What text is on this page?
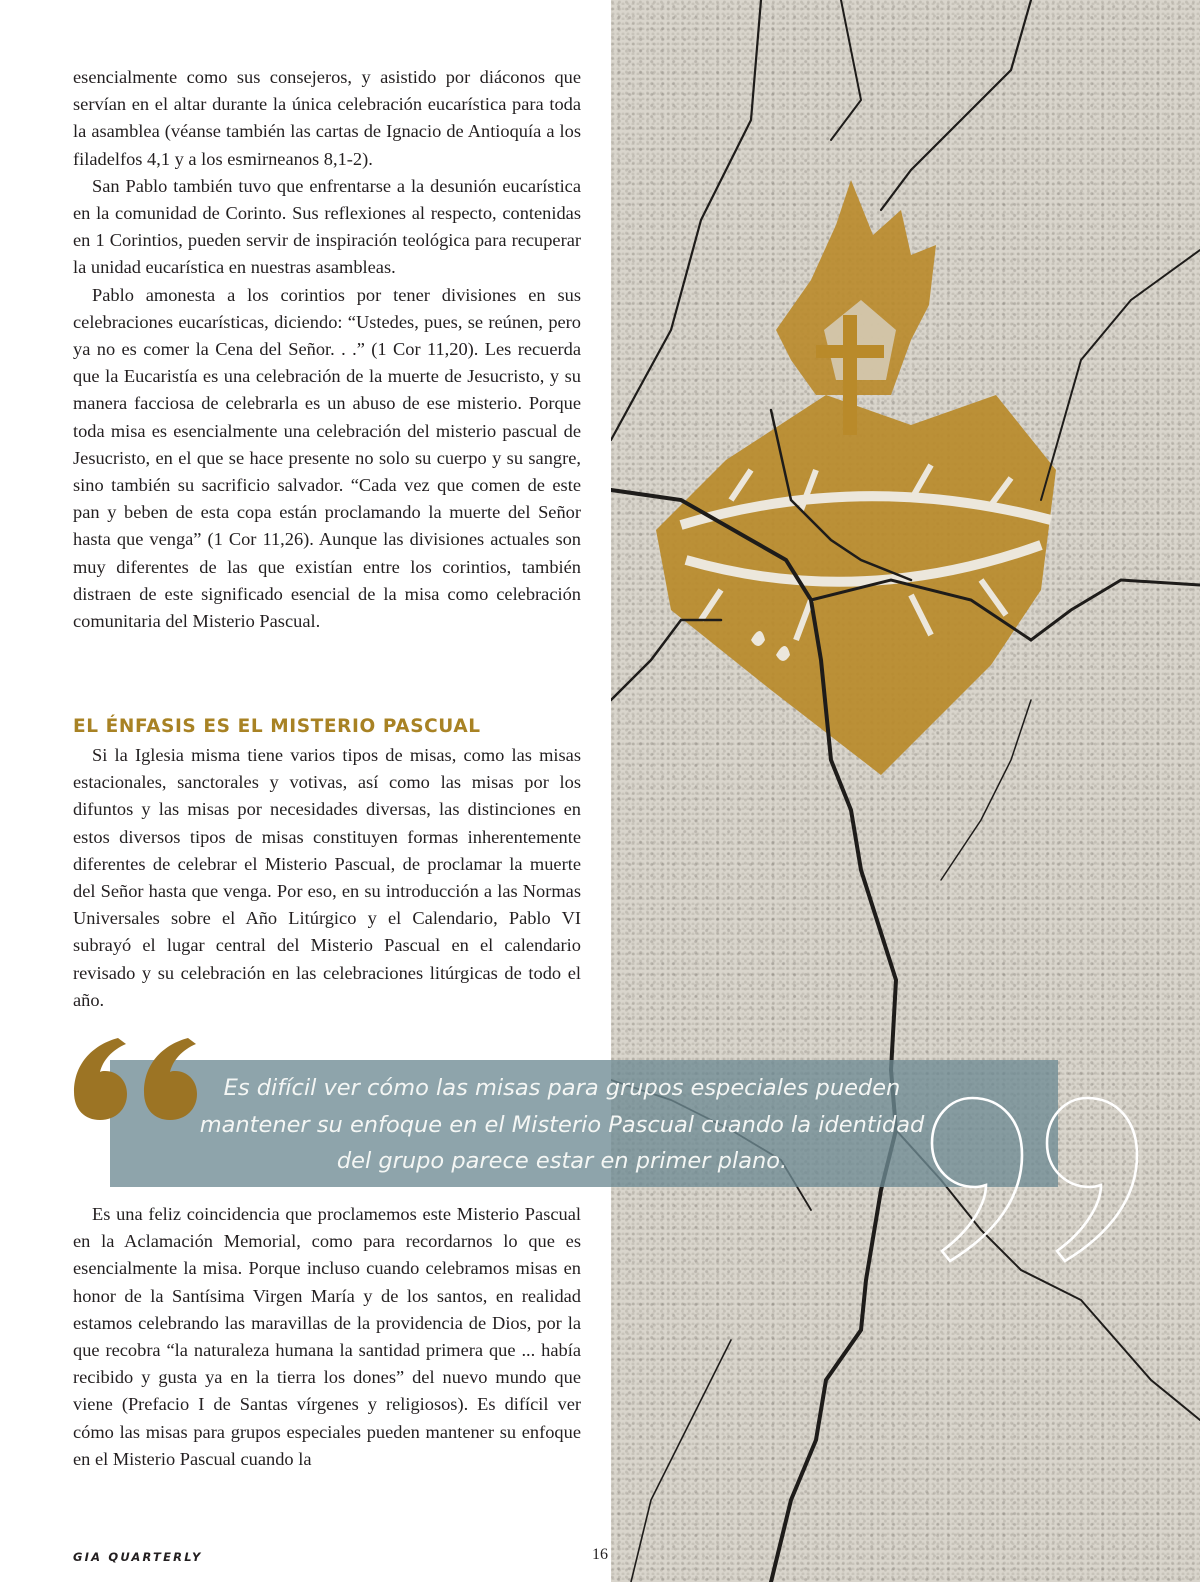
esencialmente como sus consejeros, y asistido por diáconos que servían en el altar durante la única celebración eucarística para toda la asamblea (véanse también las cartas de Ignacio de Antioquía a los filadelfos 4,1 y a los esmirneanos 8,1-2).

San Pablo también tuvo que enfrentarse a la desunión eucarística en la comunidad de Corinto. Sus reflexiones al respecto, contenidas en 1 Corintios, pueden servir de inspiración teológica para recuperar la unidad eucarística en nuestras asambleas.

Pablo amonesta a los corintios por tener divisiones en sus celebraciones eucarísticas, diciendo: “Ustedes, pues, se reúnen, pero ya no es comer la Cena del Señor. . .” (1 Cor 11,20). Les recuerda que la Eucaristía es una celebración de la muerte de Jesucristo, y su manera facciosa de celebrarla es un abuso de ese misterio. Porque toda misa es esencialmente una celebración del misterio pascual de Jesucristo, en el que se hace presente no solo su cuerpo y su sangre, sino también su sacrificio salvador. “Cada vez que comen de este pan y beben de esta copa están proclamando la muerte del Señor hasta que venga” (1 Cor 11,26). Aunque las divisiones actuales son muy diferentes de las que existían entre los corintios, también distraen de este significado esencial de la misa como celebración comunitaria del Misterio Pascual.

EL ÉNFASIS ES EL MISTERIO PASCUAL

Si la Iglesia misma tiene varios tipos de misas, como las misas estacionales, sanctorales y votivas, así como las misas por los difuntos y las misas por necesidades diversas, las distinciones en estos diversos tipos de misas constituyen formas inherentemente diferentes de celebrar el Misterio Pascual, de proclamar la muerte del Señor hasta que venga. Por eso, en su introducción a las Normas Universales sobre el Año Litúrgico y el Calendario, Pablo VI subrayó el lugar central del Misterio Pascual en el calendario revisado y su celebración en las celebraciones litúrgicas de todo el año.

Es difícil ver cómo las misas para grupos especiales pueden mantener su enfoque en el Misterio Pascual cuando la identidad del grupo parece estar en primer plano.

Es una feliz coincidencia que proclamemos este Misterio Pascual en la Aclamación Memorial, como para recordarnos lo que es esencialmente la misa. Porque incluso cuando celebramos misas en honor de la Santísima Virgen María y de los santos, en realidad estamos celebrando las maravillas de la providencia de Dios, por la que recobra “la naturaleza humana la santidad primera que ... había recibido y gusta ya en la tierra los dones” del nuevo mundo que viene (Prefacio I de Santas vírgenes y religiosos). Es difícil ver cómo las misas para grupos especiales pueden mantener su enfoque en el Misterio Pascual cuando la

GIA QUARTERLY	16
